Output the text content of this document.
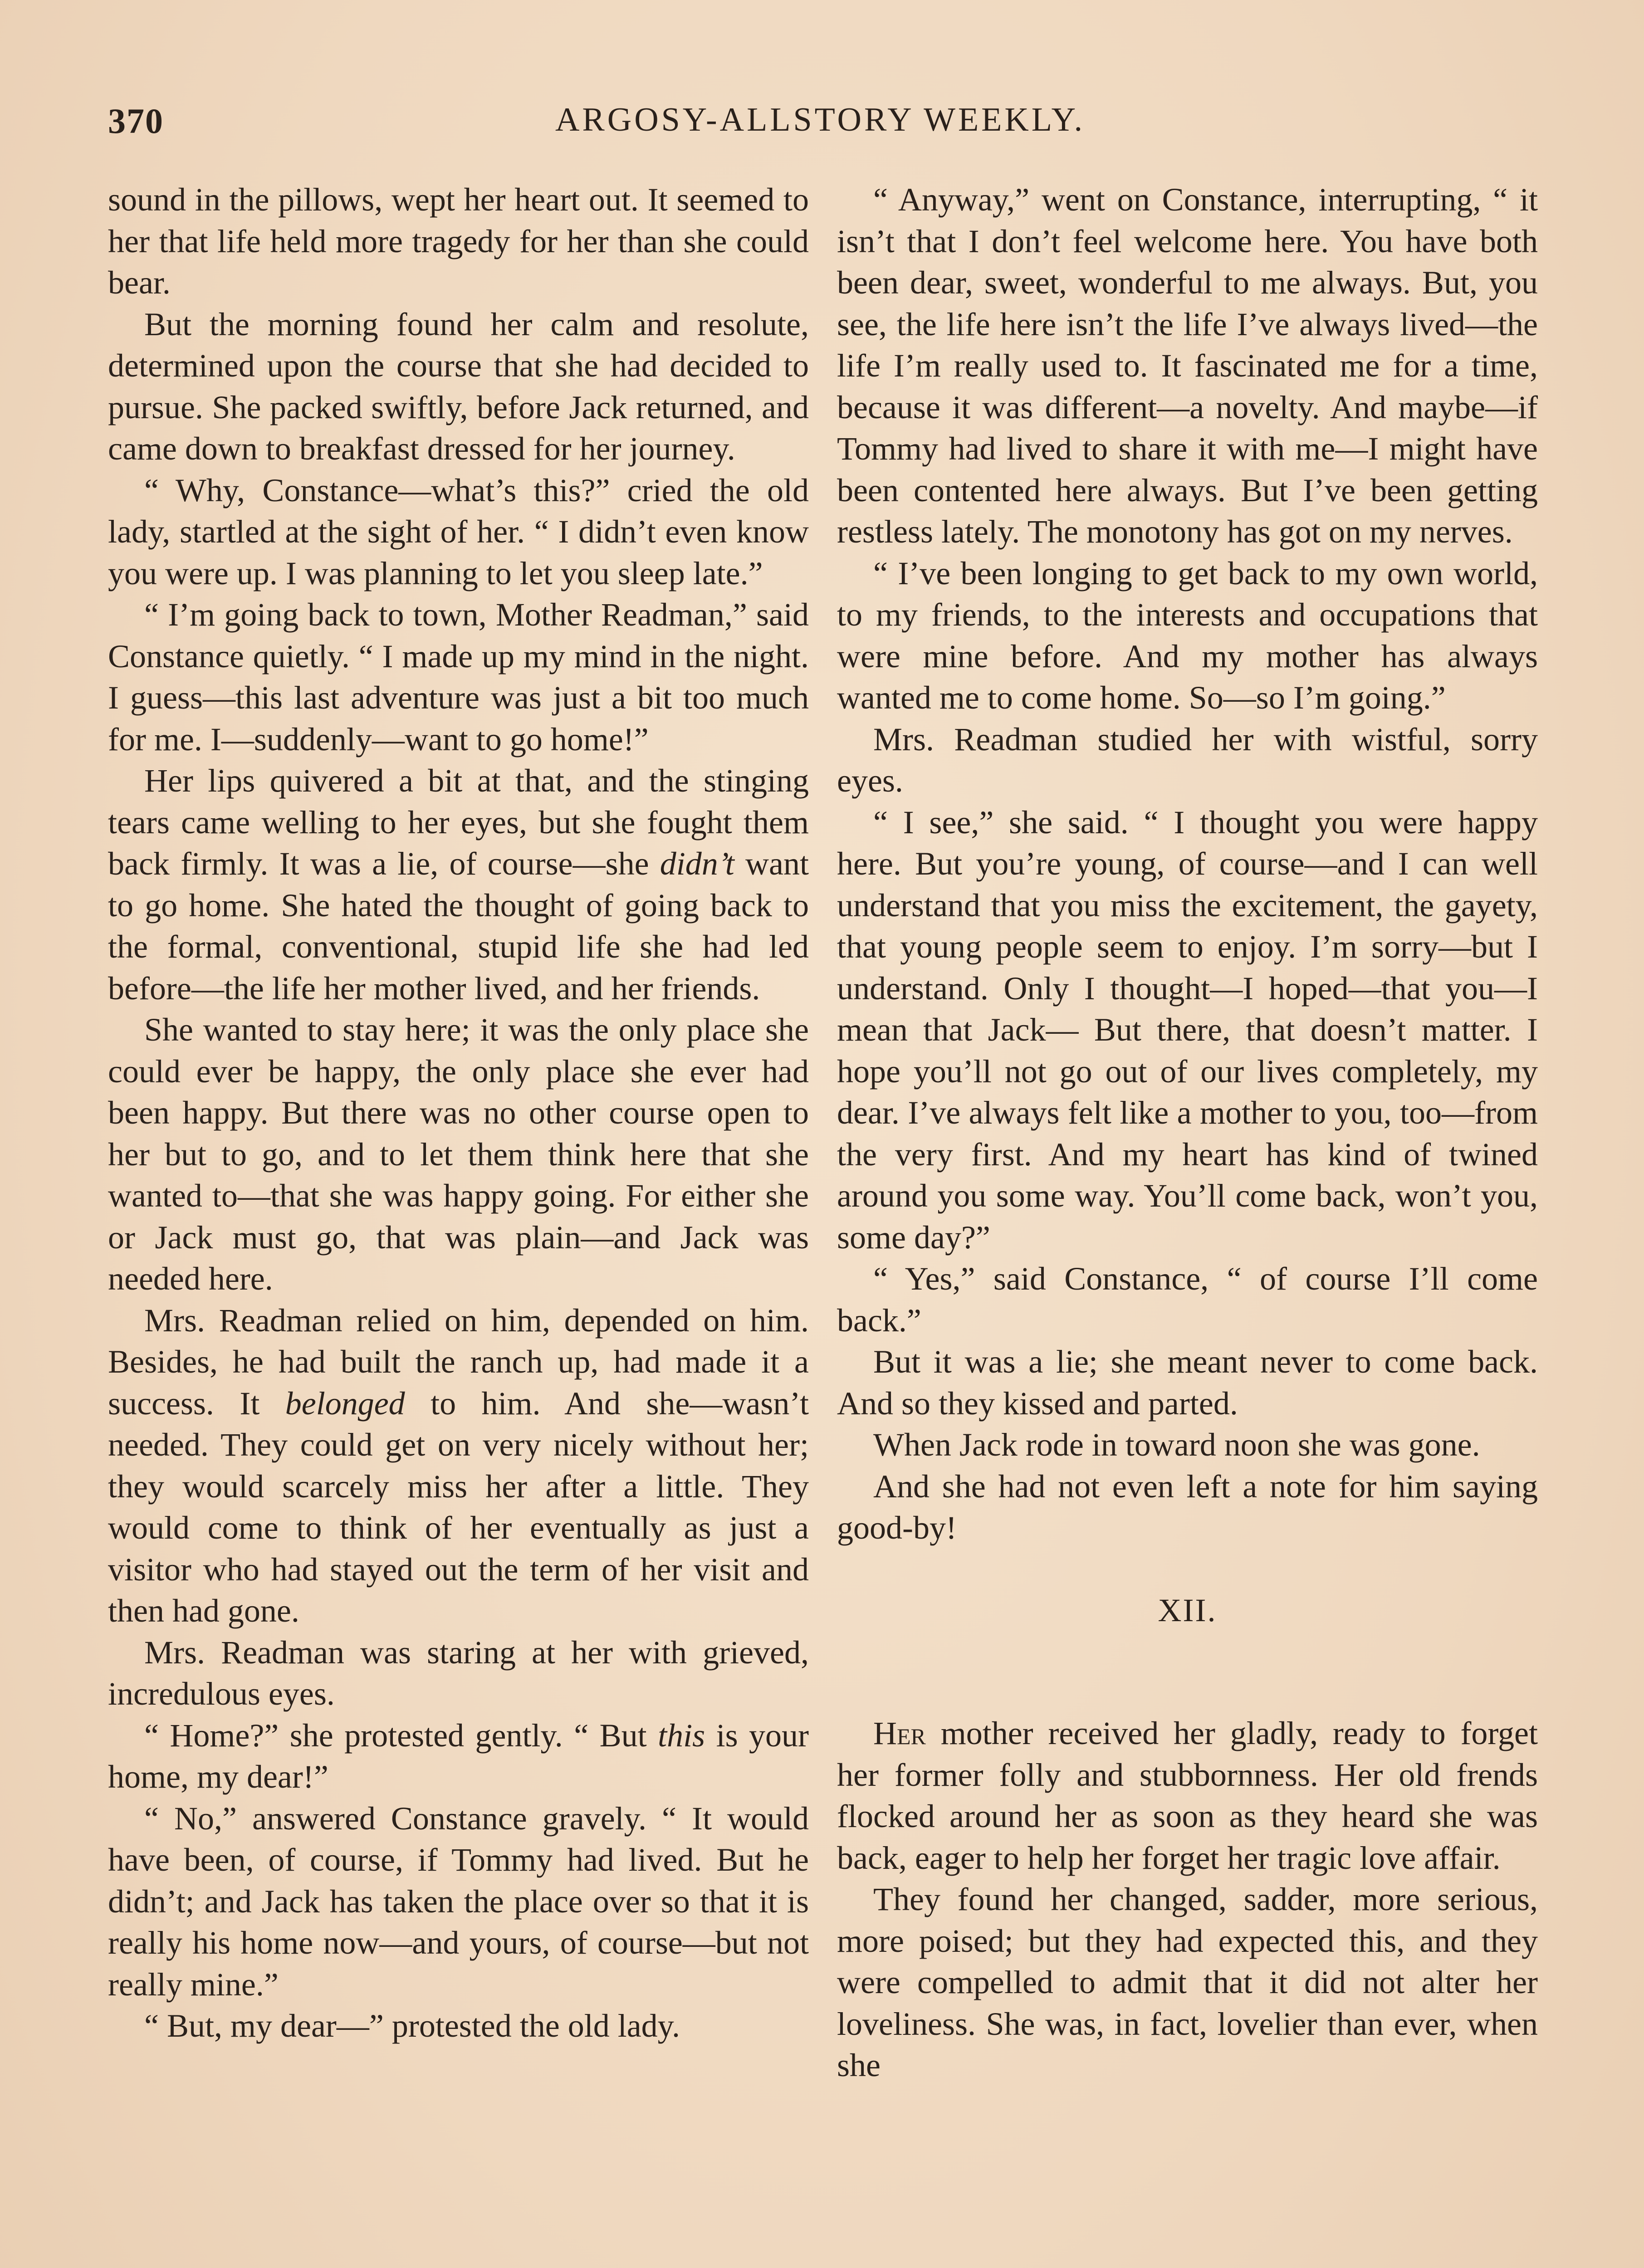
370	ARGOSY-ALLSTORY WEEKLY.

sound in the pillows, wept her heart out. It seemed to her that life held more tragedy for her than she could bear.

But the morning found her calm and resolute, determined upon the course that she had decided to pursue. She packed swiftly, before Jack returned, and came down to breakfast dressed for her journey.

“ Why, Constance—what’s this?” cried the old lady, startled at the sight of her. “ I didn’t even know you were up. I was planning to let you sleep late.”

“ I’m going back to town, Mother Readman,” said Constance quietly. “ I made up my mind in the night. I guess—this last adventure was just a bit too much for me. I—suddenly—want to go home!”

Her lips quivered a bit at that, and the stinging tears came welling to her eyes, but she fought them back firmly. It was a lie, of course—she didn’t want to go home. She hated the thought of going back to the formal, conventional, stupid life she had led before—the life her mother lived, and her friends.

She wanted to stay here; it was the only place she could ever be happy, the only place she ever had been happy. But there was no other course open to her but to go, and to let them think here that she wanted to—that she was happy going. For either she or Jack must go, that was plain—and Jack was needed here.

Mrs. Readman relied on him, depended on him. Besides, he had built the ranch up, had made it a success. It belonged to him. And she—wasn’t needed. They could get on very nicely without her; they would scarcely miss her after a little. They would come to think of her eventually as just a visitor who had stayed out the term of her visit and then had gone.

Mrs. Readman was staring at her with grieved, incredulous eyes.

“ Home?” she protested gently. “ But this is your home, my dear!”

“ No,” answered Constance gravely. “ It would have been, of course, if Tommy had lived. But he didn’t; and Jack has taken the place over so that it is really his home now—and yours, of course—but not really mine.”

“ But, my dear—” protested the old lady.

“ Anyway,” went on Constance, interrupting, “ it isn’t that I don’t feel welcome here. You have both been dear, sweet, wonderful to me always. But, you see, the life here isn’t the life I’ve always lived—the life I’m really used to. It fascinated me for a time, because it was different—a novelty. And maybe—if Tommy had lived to share it with me—I might have been contented here always. But I’ve been getting restless lately. The monotony has got on my nerves.

“ I’ve been longing to get back to my own world, to my friends, to the interests and occupations that were mine before. And my mother has always wanted me to come home. So—so I’m going.”

Mrs. Readman studied her with wistful, sorry eyes.

“ I see,” she said. “ I thought you were happy here. But you’re young, of course—and I can well understand that you miss the excitement, the gayety, that young people seem to enjoy. I’m sorry—but I understand. Only I thought—I hoped—that you—I mean that Jack— But there, that doesn’t matter. I hope you’ll not go out of our lives completely, my dear. I’ve always felt like a mother to you, too—from the very first. And my heart has kind of twined around you some way. You’ll come back, won’t you, some day?”

“ Yes,” said Constance, “ of course I’ll come back.”

But it was a lie; she meant never to come back. And so they kissed and parted.

When Jack rode in toward noon she was gone.

And she had not even left a note for him saying good-by!

XII.

Her mother received her gladly, ready to forget her former folly and stubbornness. Her old frends flocked around her as soon as they heard she was back, eager to help her forget her tragic love affair.

They found her changed, sadder, more serious, more poised; but they had expected this, and they were compelled to admit that it did not alter her loveliness. She was, in fact, lovelier than ever, when she
